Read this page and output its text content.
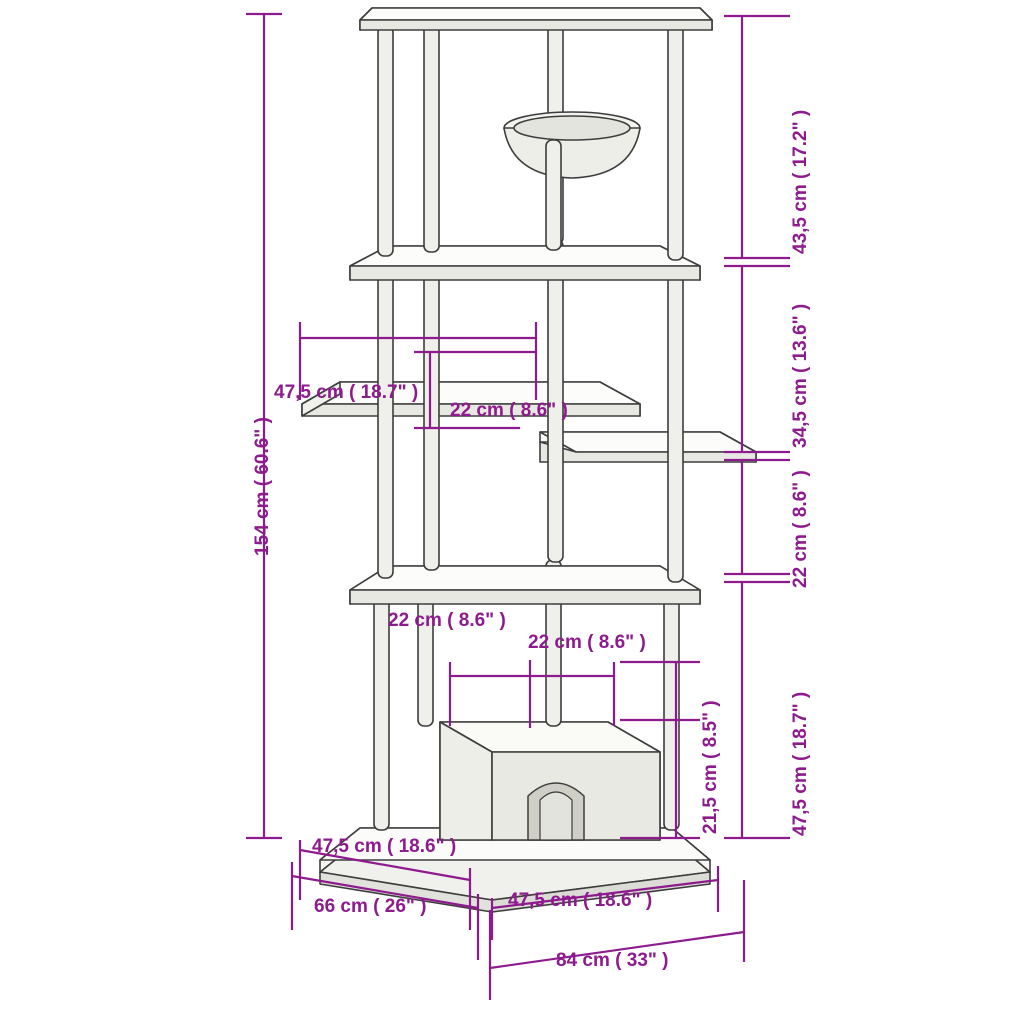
154 cm ( 60.6" )
43,5 cm ( 17.2" )
34,5 cm ( 13.6" )
22 cm ( 8.6" )
47,5 cm ( 18.7" )
21,5 cm ( 8.5" )
47,5 cm ( 18.7" )
22 cm ( 8.6" )
22 cm ( 8.6" )
22 cm ( 8.6" )
47,5 cm ( 18.6" )
66 cm ( 26" )	47,5 cm ( 18.6" )
84 cm ( 33" )
